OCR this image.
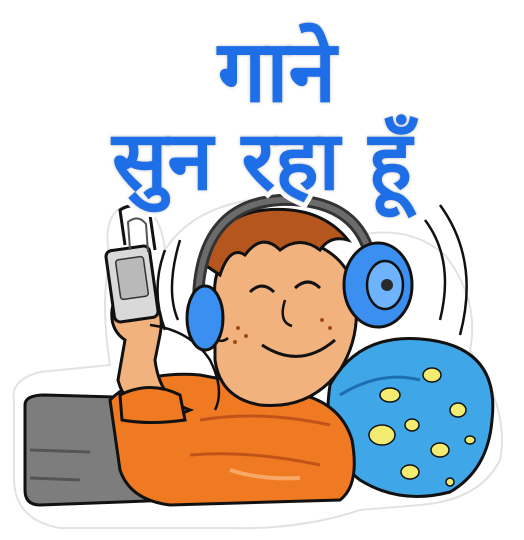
गाने
सुन रहा हूँ
